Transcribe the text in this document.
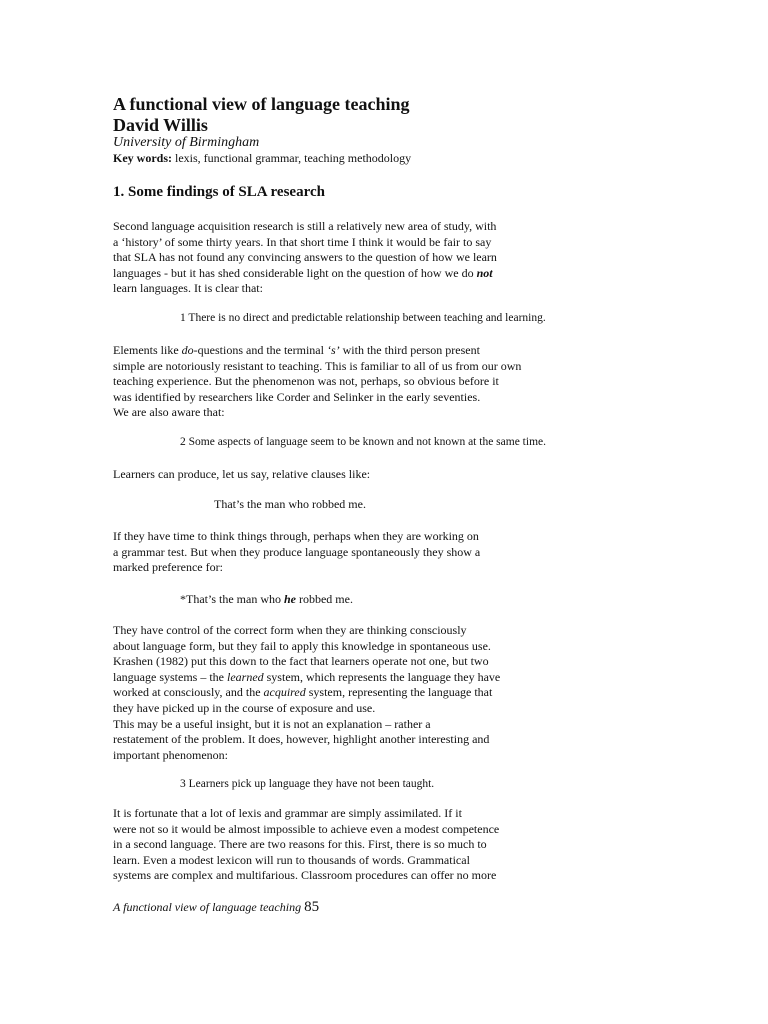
A functional view of language teaching
David Willis
University of Birmingham
Key words: lexis, functional grammar, teaching methodology
1. Some findings of SLA research
Second language acquisition research is still a relatively new area of study, with
a ‘history’ of some thirty years. In that short time I think it would be fair to say
that SLA has not found any convincing answers to the question of how we learn
languages - but it has shed considerable light on the question of how we do not
learn languages. It is clear that:
1 There is no direct and predictable relationship between teaching and learning.
Elements like do-questions and the terminal ‘s’ with the third person present
simple are notoriously resistant to teaching. This is familiar to all of us from our own
teaching experience. But the phenomenon was not, perhaps, so obvious before it
was identified by researchers like Corder and Selinker in the early seventies.
We are also aware that:
2 Some aspects of language seem to be known and not known at the same time.
Learners can produce, let us say, relative clauses like:
That’s the man who robbed me.
If they have time to think things through, perhaps when they are working on
a grammar test. But when they produce language spontaneously they show a
marked preference for:
*That’s the man who he robbed me.
They have control of the correct form when they are thinking consciously
about language form, but they fail to apply this knowledge in spontaneous use.
Krashen (1982) put this down to the fact that learners operate not one, but two
language systems – the learned system, which represents the language they have
worked at consciously, and the acquired system, representing the language that
they have picked up in the course of exposure and use.
This may be a useful insight, but it is not an explanation – rather a
restatement of the problem. It does, however, highlight another interesting and
important phenomenon:
3 Learners pick up language they have not been taught.
It is fortunate that a lot of lexis and grammar are simply assimilated. If it
were not so it would be almost impossible to achieve even a modest competence
in a second language. There are two reasons for this. First, there is so much to
learn. Even a modest lexicon will run to thousands of words. Grammatical
systems are complex and multifarious. Classroom procedures can offer no more
A functional view of language teaching 85
